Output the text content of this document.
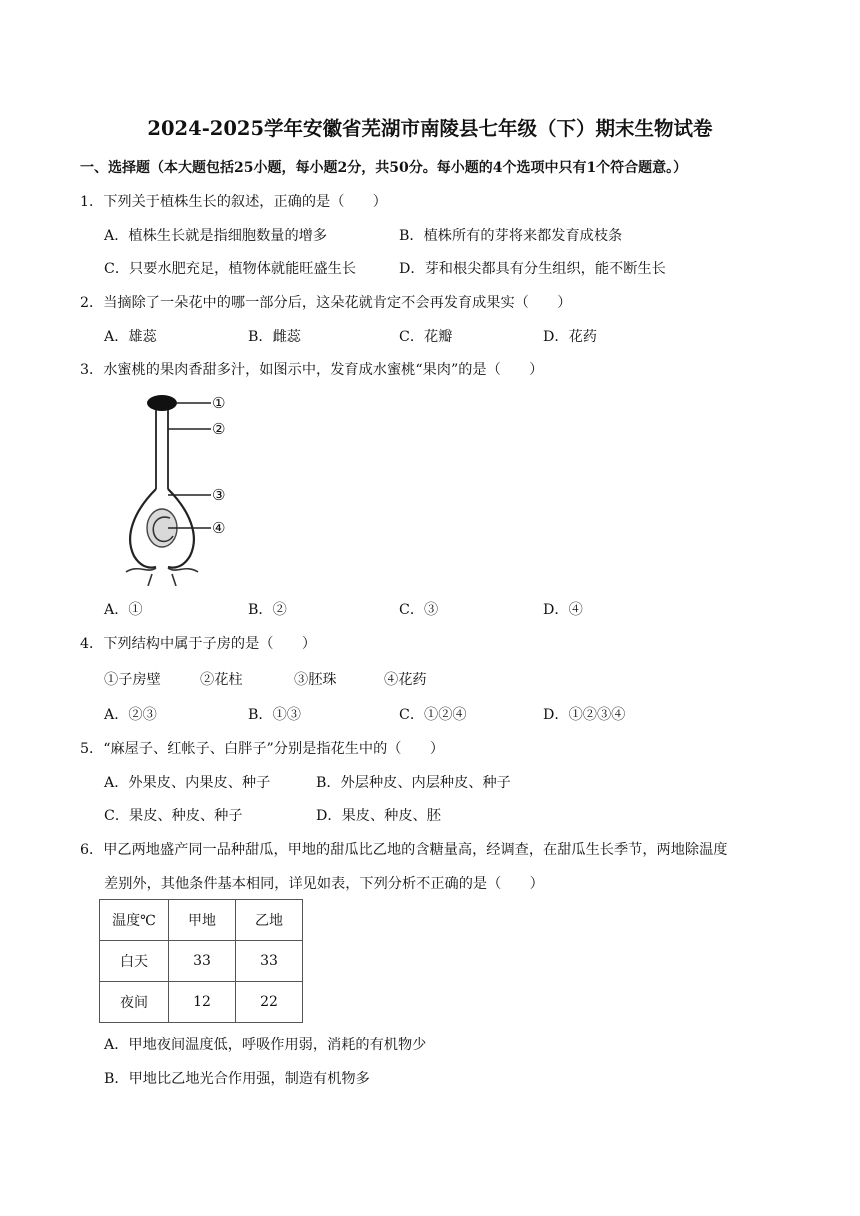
2024-2025学年安徽省芜湖市南陵县七年级（下）期末生物试卷
一、选择题（本大题包括25小题，每小题2分，共50分。每小题的4个选项中只有1个符合题意。）
1．下列关于植株生长的叙述，正确的是（　　）
A．植株生长就是指细胞数量的增多	B．植株所有的芽将来都发育成枝条
C．只要水肥充足，植物体就能旺盛生长	D．芽和根尖都具有分生组织，能不断生长
2．当摘除了一朵花中的哪一部分后，这朵花就肯定不会再发育成果实（　　）
A．雄蕊	B．雌蕊	C．花瓣	D．花药
3．水蜜桃的果肉香甜多汁，如图示中，发育成水蜜桃“果肉”的是（　　）
①
②
③
④
A．①	B．②	C．③	D．④
4．下列结构中属于子房的是（　　）
①子房壁	②花柱	③胚珠	④花药
A．②③	B．①③	C．①②④	D．①②③④
5．“麻屋子、红帐子、白胖子”分别是指花生中的（　　）
A．外果皮、内果皮、种子	B．外层种皮、内层种皮、种子
C．果皮、种皮、种子	D．果皮、种皮、胚
6．甲乙两地盛产同一品种甜瓜，甲地的甜瓜比乙地的含糖量高，经调查，在甜瓜生长季节，两地除温度
差别外，其他条件基本相同，详见如表，下列分析不正确的是（　　）
温度℃	甲地	乙地
白天	33	33
夜间	12	22
A．甲地夜间温度低，呼吸作用弱，消耗的有机物少
B．甲地比乙地光合作用强，制造有机物多
